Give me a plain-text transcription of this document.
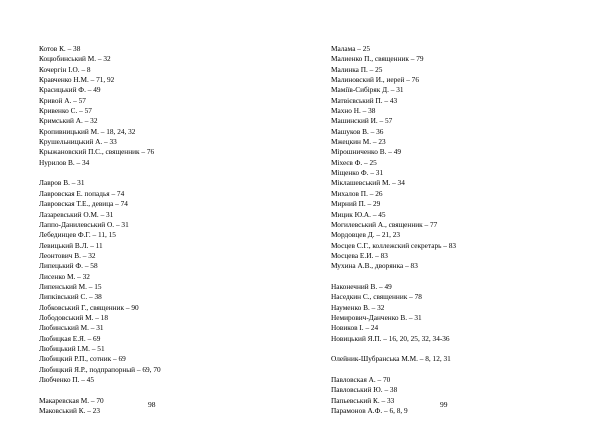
Котов К. – 38
Коцюбинський М. – 32
Кочергін І.О. – 8
Кравченко Н.М. – 71, 92
Красицький Ф. – 49
Кривой А. – 57
Кривенко С. – 57
Кримський А. – 32
Кропивницький М. – 18, 24, 32
Крушельницький А. – 33
Крыжановский П.С., священник – 76
Нурилов В. – 34
Лавров В. – 31
Лавровская Е. попадья – 74
Лавровская Т.Е., девица – 74
Лазаревський О.М. – 31
Лаппо-Данилевський О. – 31
Лебединцев Ф.Г. – 11, 15
Левицький В.Л. – 11
Леонтович В. – 32
Липецький Ф. – 58
Лисенко М. – 32
Липенський М. – 15
Липківський С. – 38
Лобковський Г., священник – 90
Лободовський М. – 18
Любинський М. – 31
Любицкая Е.Я. – 69
Любицький І.М. – 51
Любицкий Р.П., сотник – 69
Любицкий Я.Р., подпрапорный – 69, 70
Любченко П. – 45
Макаревская М. – 70
Маковський К. – 23
Малама – 25
Малиенко П., священник – 79
Малинка П. – 25
Малиновский И., иерей – 76
Маміїв-Сибіряк Д. – 31
Матвієвський П. – 43
Махно Н. – 38
Машинский И. – 57
Машуков В. – 36
Мжецкин М. – 23
Мірошниченко В. – 49
Міхеєв Ф. – 25
Міщенко Ф. – 31
Міклашевський М. – 34
Михалов П. – 26
Мирний П. – 29
Мицик Ю.А. – 45
Могилевський А., священник – 77
Мордовцев Д. – 21, 23
Мосцев С.Г., коллежский секретарь – 83
Мосцева Е.И. – 83
Мухина А.В., дворянка – 83
Наконечний В. – 49
Наседкин С., священник – 78
Науменко В. – 32
Немирович-Данченко В. – 31
Новиков І. – 24
Новицький Я.П. – 16, 20, 25, 32, 34-36
Олейник-Шубранська М.М. – 8, 12, 31
Павловская А. – 70
Павловський Ю. – 38
Папьевський К. – 33
Парамонов А.Ф. – 6, 8, 9
98	99
